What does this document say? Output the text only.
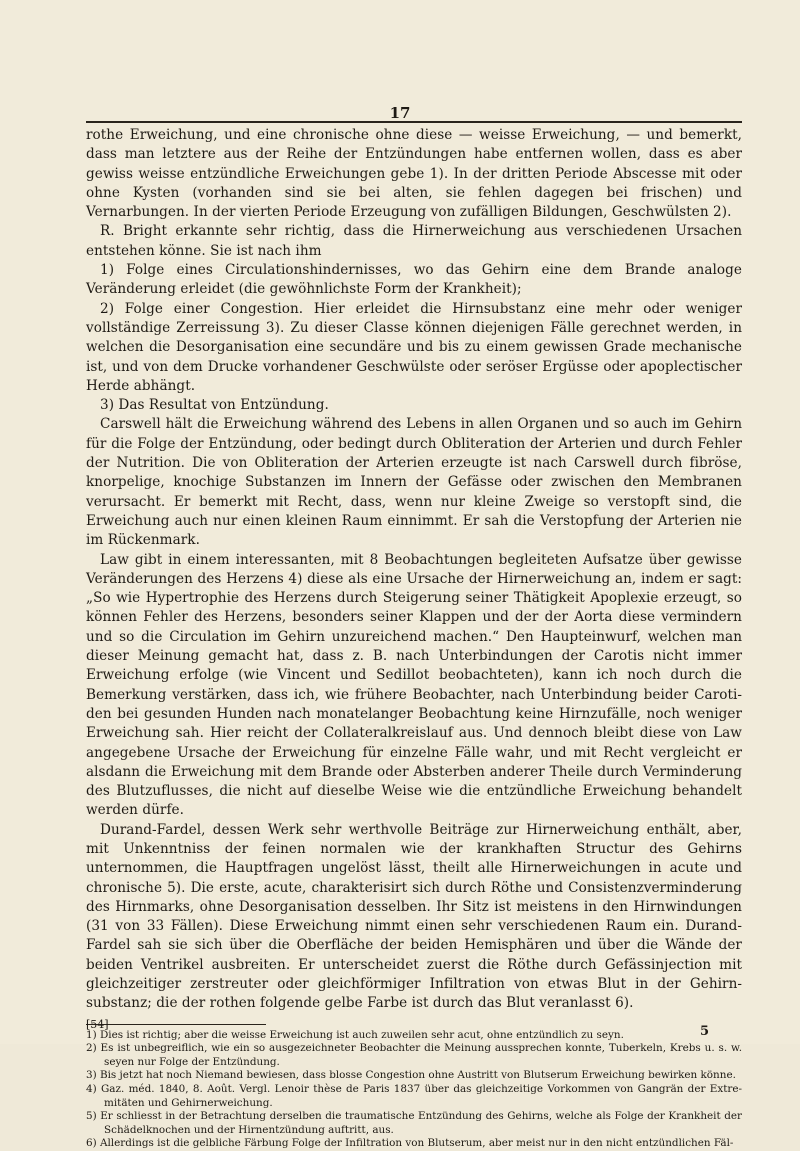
17

rothe Erweichung, und eine chronische ohne diese — weisse Erweichung, — und bemerkt, dass man letztere aus der Reihe der Entzündungen habe entfernen wollen, dass es aber gewiss weisse entzündliche Erweichungen gebe 1). In der dritten Periode Abscesse mit oder ohne Kysten (vorhanden sind sie bei alten, sie fehlen dagegen bei frischen) und Vernarbungen. In der vierten Periode Erzeugung von zufälligen Bildungen, Geschwülsten 2).

R. Bright erkannte sehr richtig, dass die Hirnerweichung aus verschiedenen Ursachen entstehen könne. Sie ist nach ihm

1) Folge eines Circulationshindernisses, wo das Gehirn eine dem Brande analoge Veränderung erleidet (die gewöhnlichste Form der Krankheit);

2) Folge einer Congestion. Hier erleidet die Hirnsubstanz eine mehr oder weniger vollständige Zerreissung 3). Zu dieser Classe können diejenigen Fälle gerechnet werden, in welchen die Desorganisation eine secundäre und bis zu einem gewissen Grade mechanische ist, und von dem Drucke vorhandener Geschwülste oder seröser Ergüsse oder apoplectischer Herde abhängt.

3) Das Resultat von Entzündung.

Carswell hält die Erweichung während des Lebens in allen Organen und so auch im Gehirn für die Folge der Entzündung, oder bedingt durch Obliteration der Arterien und durch Fehler der Nutrition. Die von Obliteration der Arterien erzeugte ist nach Carswell durch fibröse, knorpelige, knochige Substanzen im Innern der Gefässe oder zwischen den Membranen verursacht. Er bemerkt mit Recht, dass, wenn nur kleine Zweige so verstopft sind, die Erweichung auch nur einen kleinen Raum einnimmt. Er sah die Verstopfung der Arterien nie im Rückenmark.

Law gibt in einem interessanten, mit 8 Beobachtungen begleiteten Aufsatze über gewisse Veränderungen des Herzens 4) diese als eine Ursache der Hirnerweichung an, indem er sagt: „So wie Hypertrophie des Herzens durch Steigerung seiner Thätigkeit Apoplexie erzeugt, so können Fehler des Herzens, besonders seiner Klappen und der der Aorta diese vermindern und so die Circulation im Gehirn unzureichend machen.“ Den Haupteinwurf, welchen man dieser Meinung gemacht hat, dass z. B. nach Unterbindungen der Carotis nicht immer Erweichung erfolge (wie Vincent und Sedillot beobachteten), kann ich noch durch die Bemerkung verstärken, dass ich, wie frühere Beobachter, nach Unterbindung beider Carotiden bei gesunden Hunden nach monatelanger Beobachtung keine Hirnzufälle, noch weniger Erweichung sah. Hier reicht der Collateralkreislauf aus. Und dennoch bleibt diese von Law angegebene Ursache der Erweichung für einzelne Fälle wahr, und mit Recht vergleicht er alsdann die Erweichung mit dem Brande oder Absterben anderer Theile durch Verminderung des Blutzuflusses, die nicht auf dieselbe Weise wie die entzündliche Erweichung behandelt werden dürfe.

Durand-Fardel, dessen Werk sehr werthvolle Beiträge zur Hirnerweichung enthält, aber, mit Unkenntniss der feinen normalen wie der krankhaften Structur des Gehirns unternommen, die Hauptfragen ungelöst lässt, theilt alle Hirnerweichungen in acute und chronische 5). Die erste, acute, charakterisirt sich durch Röthe und Consistenzverminderung des Hirnmarks, ohne Desorganisation desselben. Ihr Sitz ist meistens in den Hirnwindungen (31 von 33 Fällen). Diese Erweichung nimmt einen sehr verschiedenen Raum ein. Durand-Fardel sah sie sich über die Oberfläche der beiden Hemisphären und über die Wände der beiden Ventrikel ausbreiten. Er unterscheidet zuerst die Röthe durch Gefässinjection mit gleichzeitiger zerstreuter oder gleichförmiger Infiltration von etwas Blut in der Gehirnsubstanz; die der rothen folgende gelbe Farbe ist durch das Blut veranlasst 6).

1) Dies ist richtig; aber die weisse Erweichung ist auch zuweilen sehr acut, ohne entzündlich zu seyn.

2) Es ist unbegreiflich, wie ein so ausgezeichneter Beobachter die Meinung aussprechen konnte, Tuberkeln, Krebs u. s. w. seyen nur Folge der Entzündung.

3) Bis jetzt hat noch Niemand bewiesen, dass blosse Congestion ohne Austritt von Blutserum Erweichung bewirken könne.

4) Gaz. méd. 1840, 8. Août. Vergl. Lenoir thèse de Paris 1837 über das gleichzeitige Vorkommen von Gangrän der Extremitäten und Gehirnerweichung.

5) Er schliesst in der Betrachtung derselben die traumatische Entzündung des Gehirns, welche als Folge der Krankheit der Schädelknochen und der Hirnentzündung auftritt, aus.

6) Allerdings ist die gelbliche Färbung Folge der Infiltration von Blutserum, aber meist nur in den nicht entzündlichen Fäl-

[54]	5
